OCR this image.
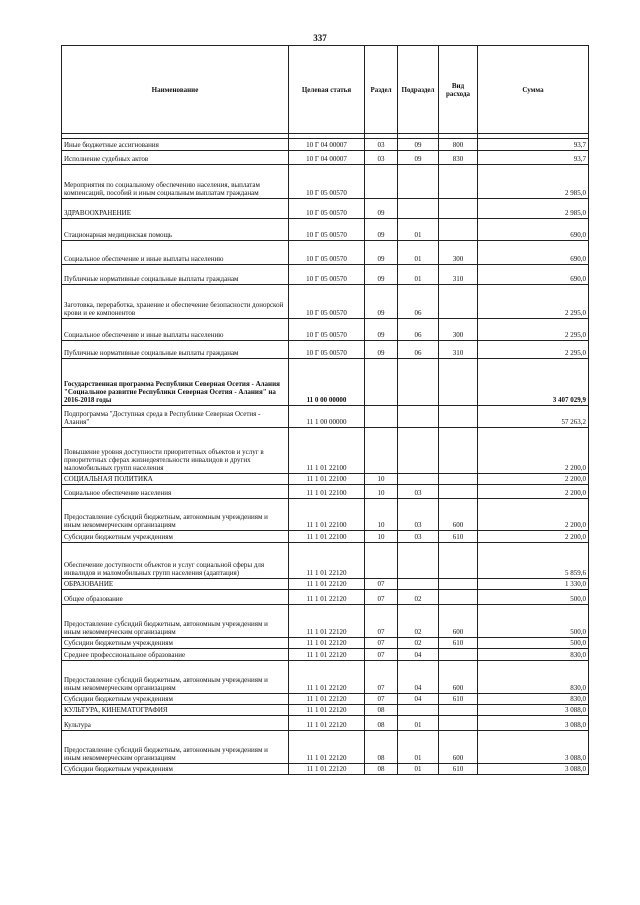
337
Наименование	Целевая статья	Раздел	Подраздел	Вид расхода	Сумма

Иные бюджетные ассигнования	10 Г 04 00007	03	09	800	93,7
Исполнение судебных актов	10 Г 04 00007	03	09	830	93,7
Мероприятия по социальному обеспечению населения, выплатам компенсаций, пособий и иным социальным выплатам гражданам	10 Г 05 00570				2 985,0
ЗДРАВООХРАНЕНИЕ	10 Г 05 00570	09			2 985,0
Стационарная медицинская помощь	10 Г 05 00570	09	01		690,0
Социальное обеспечение и иные выплаты населению	10 Г 05 00570	09	01	300	690,0
Публичные нормативные социальные выплаты гражданам	10 Г 05 00570	09	01	310	690,0
Заготовка, переработка, хранение и обеспечение безопасности донорской крови и ее компонентов	10 Г 05 00570	09	06		2 295,0
Социальное обеспечение и иные выплаты населению	10 Г 05 00570	09	06	300	2 295,0
Публичные нормативные социальные выплаты гражданам	10 Г 05 00570	09	06	310	2 295,0
Государственная программа Республики Северная Осетия - Алания "Социальное развитие Республики Северная Осетия - Алания" на 2016-2018 годы	11 0 00 00000				3 407 029,9
Подпрограмма "Доступная среда в Республике Северная Осетия - Алания"	11 1 00 00000				57 263,2
Повышение уровня доступности приоритетных объектов и услуг в приоритетных сферах жизнедеятельности инвалидов и других маломобильных групп населения	11 1 01 22100				2 200,0
СОЦИАЛЬНАЯ ПОЛИТИКА	11 1 01 22100	10			2 200,0
Социальное обеспечение населения	11 1 01 22100	10	03		2 200,0
Предоставление субсидий бюджетным, автономным учреждениям и иным некоммерческим организациям	11 1 01 22100	10	03	600	2 200,0
Субсидии бюджетным учреждениям	11 1 01 22100	10	03	610	2 200,0
Обеспечение доступности объектов и услуг социальной сферы для инвалидов и маломобильных групп населения (адаптация)	11 1 01 22120				5 859,6
ОБРАЗОВАНИЕ	11 1 01 22120	07			1 330,0
Общее образование	11 1 01 22120	07	02		500,0
Предоставление субсидий бюджетным, автономным учреждениям и иным некоммерческим организациям	11 1 01 22120	07	02	600	500,0
Субсидии бюджетным учреждениям	11 1 01 22120	07	02	610	500,0
Среднее профессиональное образование	11 1 01 22120	07	04		830,0
Предоставление субсидий бюджетным, автономным учреждениям и иным некоммерческим организациям	11 1 01 22120	07	04	600	830,0
Субсидии бюджетным учреждениям	11 1 01 22120	07	04	610	830,0
КУЛЬТУРА, КИНЕМАТОГРАФИЯ	11 1 01 22120	08			3 088,0
Культура	11 1 01 22120	08	01		3 088,0
Предоставление субсидий бюджетным, автономным учреждениям и иным некоммерческим организациям	11 1 01 22120	08	01	600	3 088,0
Субсидии бюджетным учреждениям	11 1 01 22120	08	01	610	3 088,0
